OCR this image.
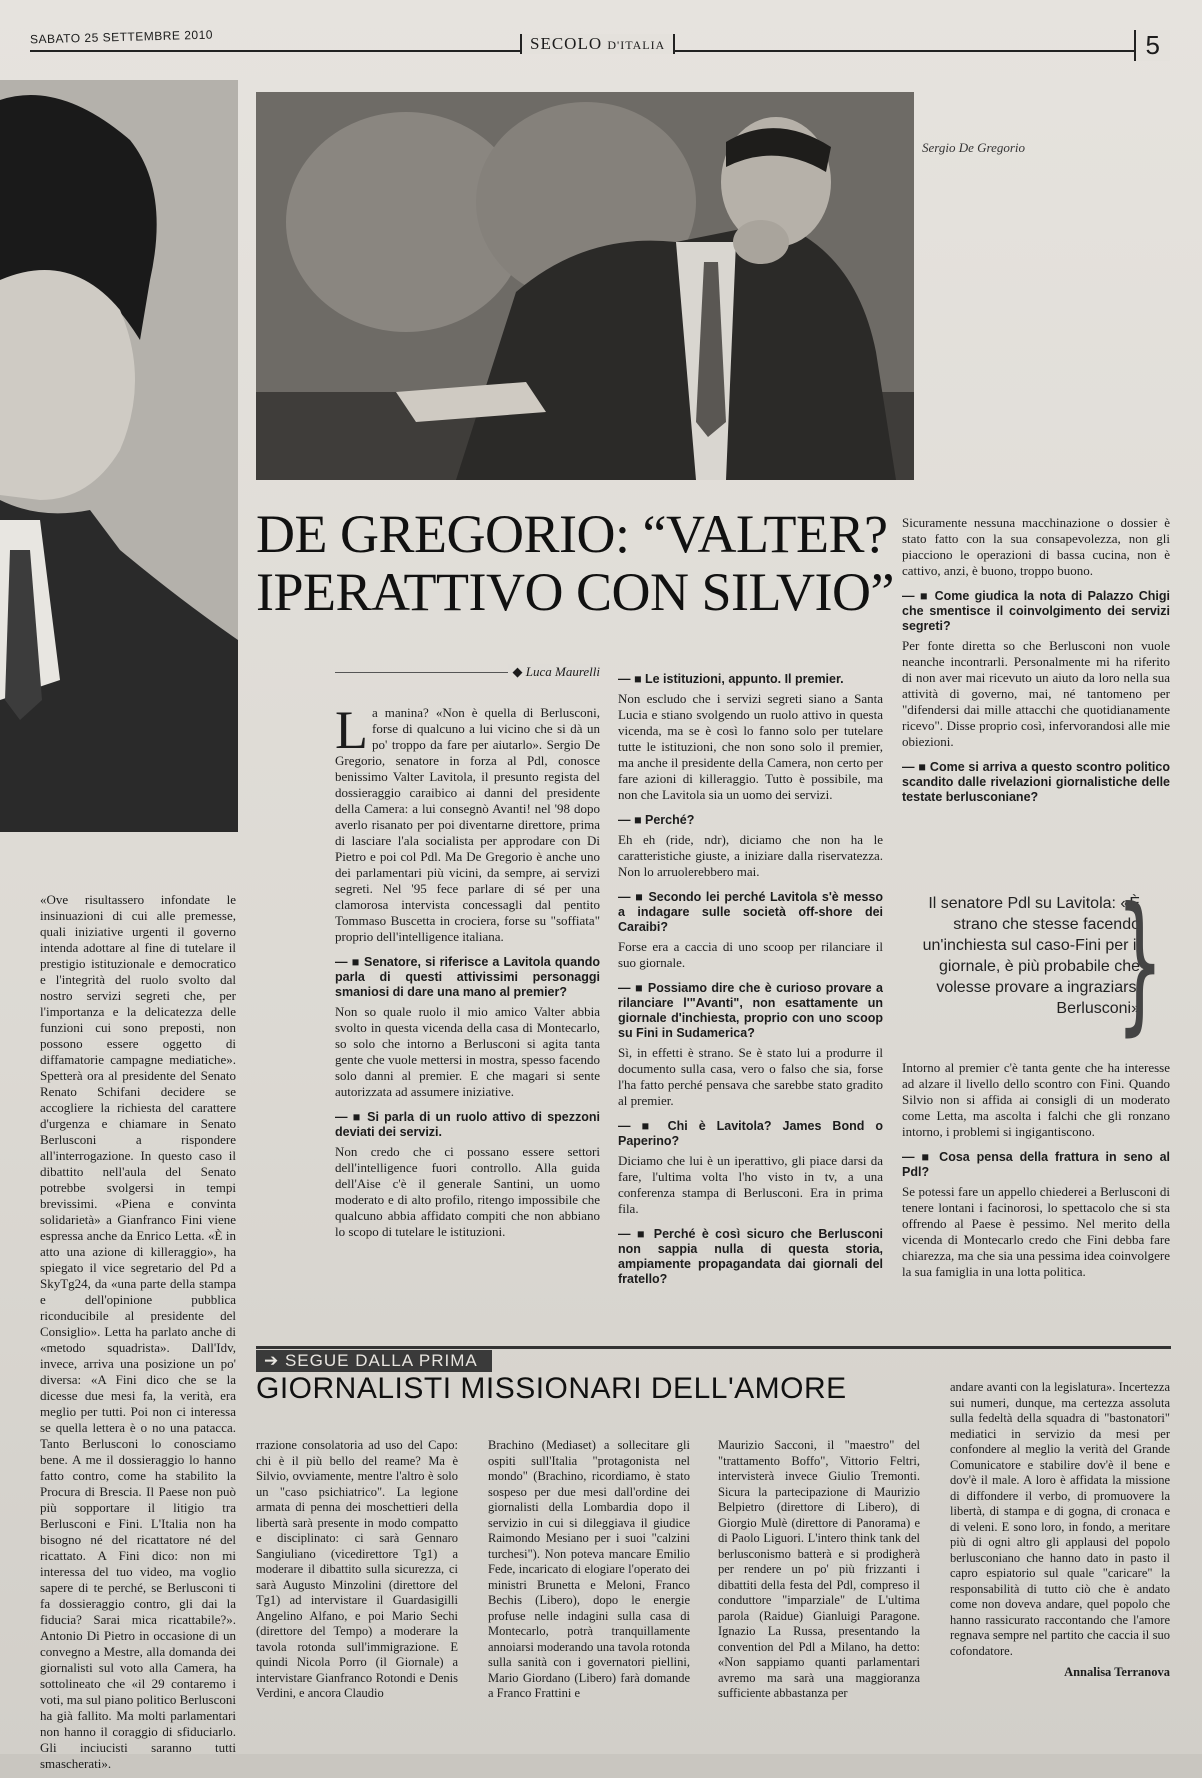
SABATO 25 SETTEMBRE 2010	SECOLO D'ITALIA	5
Sergio De Gregorio
DE GREGORIO: “VALTER?
IPERATTIVO CON SILVIO”
◆ Luca Maurelli

«Ove risultassero infondate le insinuazioni di cui alle premesse, quali iniziative urgenti il governo intenda adottare al fine di tutelare il prestigio istituzionale e democratico e l'integrità del ruolo svolto dal nostro servizi segreti che, per l'importanza e la delicatezza delle funzioni cui sono preposti, non possono essere oggetto di diffamatorie campagne mediatiche». Spetterà ora al presidente del Senato Renato Schifani decidere se accogliere la richiesta del carattere d'urgenza e chiamare in Senato Berlusconi a rispondere all'interrogazione. In questo caso il dibattito nell'aula del Senato potrebbe svolgersi in tempi brevissimi. «Piena e convinta solidarietà» a Gianfranco Fini viene espressa anche da Enrico Letta. «È in atto una azione di killeraggio», ha spiegato il vice segretario del Pd a SkyTg24, da «una parte della stampa e dell'opinione pubblica riconducibile al presidente del Consiglio». Letta ha parlato anche di «metodo squadrista». Dall'Idv, invece, arriva una posizione un po' diversa: «A Fini dico che se la dicesse due mesi fa, la verità, era meglio per tutti. Poi non ci interessa se quella lettera è o no una patacca. Tanto Berlusconi lo conosciamo bene. A me il dossieraggio lo hanno fatto contro, come ha stabilito la Procura di Brescia. Il Paese non può più sopportare il litigio tra Berlusconi e Fini. L'Italia non ha bisogno né del ricattatore né del ricattato. A Fini dico: non mi interessa del tuo video, ma voglio sapere di te perché, se Berlusconi ti fa dossieraggio contro, gli dai la fiducia? Sarai mica ricattabile?». Antonio Di Pietro in occasione di un convegno a Mestre, alla domanda dei giornalisti sul voto alla Camera, ha sottolineato che «il 29 contaremo i voti, ma sul piano politico Berlusconi ha già fallito. Ma molti parlamentari non hanno il coraggio di sfiduciarlo. Gli inciucisti saranno tutti smascherati».

La manina? «Non è quella di Berlusconi, forse di qualcuno a lui vicino che si dà un po' troppo da fare per aiutarlo». Sergio De Gregorio, senatore in forza al Pdl, conosce benissimo Valter Lavitola, il presunto regista del dossieraggio caraibico ai danni del presidente della Camera: a lui consegnò Avanti! nel '98 dopo averlo risanato per poi diventarne direttore, prima di lasciare l'ala socialista per approdare con Di Pietro e poi col Pdl. Ma De Gregorio è anche uno dei parlamentari più vicini, da sempre, ai servizi segreti. Nel '95 fece parlare di sé per una clamorosa intervista concessagli dal pentito Tommaso Buscetta in crociera, forse su "soffiata" proprio dell'intelligence italiana.

— ■ Senatore, si riferisce a Lavitola quando parla di questi attivissimi personaggi smaniosi di dare una mano al premier?

Non so quale ruolo il mio amico Valter abbia svolto in questa vicenda della casa di Montecarlo, so solo che intorno a Berlusconi si agita tanta gente che vuole mettersi in mostra, spesso facendo solo danni al premier. E che magari si sente autorizzata ad assumere iniziative.

— ■ Si parla di un ruolo attivo di spezzoni deviati dei servizi.

Non credo che ci possano essere settori dell'intelligence fuori controllo. Alla guida dell'Aise c'è il generale Santini, un uomo moderato e di alto profilo, ritengo impossibile che qualcuno abbia affidato compiti che non abbiano lo scopo di tutelare le istituzioni.

— ■ Le istituzioni, appunto. Il premier.

Non escludo che i servizi segreti siano a Santa Lucia e stiano svolgendo un ruolo attivo in questa vicenda, ma se è così lo fanno solo per tutelare tutte le istituzioni, che non sono solo il premier, ma anche il presidente della Camera, non certo per fare azioni di killeraggio. Tutto è possibile, ma non che Lavitola sia un uomo dei servizi.

— ■ Perché?

Eh eh (ride, ndr), diciamo che non ha le caratteristiche giuste, a iniziare dalla riservatezza. Non lo arruolerebbero mai.

— ■ Secondo lei perché Lavitola s'è messo a indagare sulle società off-shore dei Caraibi?

Forse era a caccia di uno scoop per rilanciare il suo giornale.

— ■ Possiamo dire che è curioso provare a rilanciare l'"Avanti", non esattamente un giornale d'inchiesta, proprio con uno scoop su Fini in Sudamerica?

Sì, in effetti è strano. Se è stato lui a produrre il documento sulla casa, vero o falso che sia, forse l'ha fatto perché pensava che sarebbe stato gradito al premier.

— ■ Chi è Lavitola? James Bond o Paperino?

Diciamo che lui è un iperattivo, gli piace darsi da fare, l'ultima volta l'ho visto in tv, a una conferenza stampa di Berlusconi. Era in prima fila.

— ■ Perché è così sicuro che Berlusconi non sappia nulla di questa storia, ampiamente propagandata dai giornali del fratello?

Sicuramente nessuna macchinazione o dossier è stato fatto con la sua consapevolezza, non gli piacciono le operazioni di bassa cucina, non è cattivo, anzi, è buono, troppo buono.

— ■ Come giudica la nota di Palazzo Chigi che smentisce il coinvolgimento dei servizi segreti?

Per fonte diretta so che Berlusconi non vuole neanche incontrarli. Personalmente mi ha riferito di non aver mai ricevuto un aiuto da loro nella sua attività di governo, mai, né tantomeno per "difendersi dai mille attacchi che quotidianamente ricevo". Disse proprio così, infervorandosi alle mie obiezioni.

— ■ Come si arriva a questo scontro politico scandito dalle rivelazioni giornalistiche delle testate berlusconiane?

Il senatore Pdl su Lavitola: «È strano che stesse facendo un'inchiesta sul caso-Fini per il giornale, è più probabile che volesse provare a ingraziarsi Berlusconi»
}

Intorno al premier c'è tanta gente che ha interesse ad alzare il livello dello scontro con Fini. Quando Silvio non si affida ai consigli di un moderato come Letta, ma ascolta i falchi che gli ronzano intorno, i problemi si ingigantiscono.

— ■ Cosa pensa della frattura in seno al Pdl?

Se potessi fare un appello chiederei a Berlusconi di tenere lontani i facinorosi, lo spettacolo che si sta offrendo al Paese è pessimo. Nel merito della vicenda di Montecarlo credo che Fini debba fare chiarezza, ma che sia una pessima idea coinvolgere la sua famiglia in una lotta politica.

➔ SEGUE DALLA PRIMA
GIORNALISTI MISSIONARI DELL'AMORE

rrazione consolatoria ad uso del Capo: chi è il più bello del reame? Ma è Silvio, ovviamente, mentre l'altro è solo un "caso psichiatrico". La legione armata di penna dei moschettieri della libertà sarà presente in modo compatto e disciplinato: ci sarà Gennaro Sangiuliano (vicedirettore Tg1) a moderare il dibattito sulla sicurezza, ci sarà Augusto Minzolini (direttore del Tg1) ad intervistare il Guardasigilli Angelino Alfano, e poi Mario Sechi (direttore del Tempo) a moderare la tavola rotonda sull'immigrazione. E quindi Nicola Porro (il Giornale) a intervistare Gianfranco Rotondi e Denis Verdini, e ancora Claudio

Brachino (Mediaset) a sollecitare gli ospiti sull'Italia "protagonista nel mondo" (Brachino, ricordiamo, è stato sospeso per due mesi dall'ordine dei giornalisti della Lombardia dopo il servizio in cui si dileggiava il giudice Raimondo Mesiano per i suoi "calzini turchesi"). Non poteva mancare Emilio Fede, incaricato di elogiare l'operato dei ministri Brunetta e Meloni, Franco Bechis (Libero), dopo le energie profuse nelle indagini sulla casa di Montecarlo, potrà tranquillamente annoiarsi moderando una tavola rotonda sulla sanità con i governatori piellini, Mario Giordano (Libero) farà domande a Franco Frattini e

Maurizio Sacconi, il "maestro" del "trattamento Boffo", Vittorio Feltri, intervisterà invece Giulio Tremonti. Sicura la partecipazione di Maurizio Belpietro (direttore di Libero), di Giorgio Mulè (direttore di Panorama) e di Paolo Liguori. L'intero think tank del berlusconismo batterà e si prodigherà per rendere un po' più frizzanti i dibattiti della festa del Pdl, compreso il conduttore "imparziale" de L'ultima parola (Raidue) Gianluigi Paragone. Ignazio La Russa, presentando la convention del Pdl a Milano, ha detto: «Non sappiamo quanti parlamentari avremo ma sarà una maggioranza sufficiente abbastanza per

andare avanti con la legislatura». Incertezza sui numeri, dunque, ma certezza assoluta sulla fedeltà della squadra di "bastonatori" mediatici in servizio da mesi per confondere al meglio la verità del Grande Comunicatore e stabilire dov'è il bene e dov'è il male. A loro è affidata la missione di diffondere il verbo, di promuovere la libertà, di stampa e di gogna, di cronaca e di veleni. E sono loro, in fondo, a meritare più di ogni altro gli applausi del popolo berlusconiano che hanno dato in pasto il capro espiatorio sul quale "caricare" la responsabilità di tutto ciò che è andato come non doveva andare, quel popolo che hanno rassicurato raccontando che l'amore regnava sempre nel partito che caccia il suo cofondatore.

Annalisa Terranova
